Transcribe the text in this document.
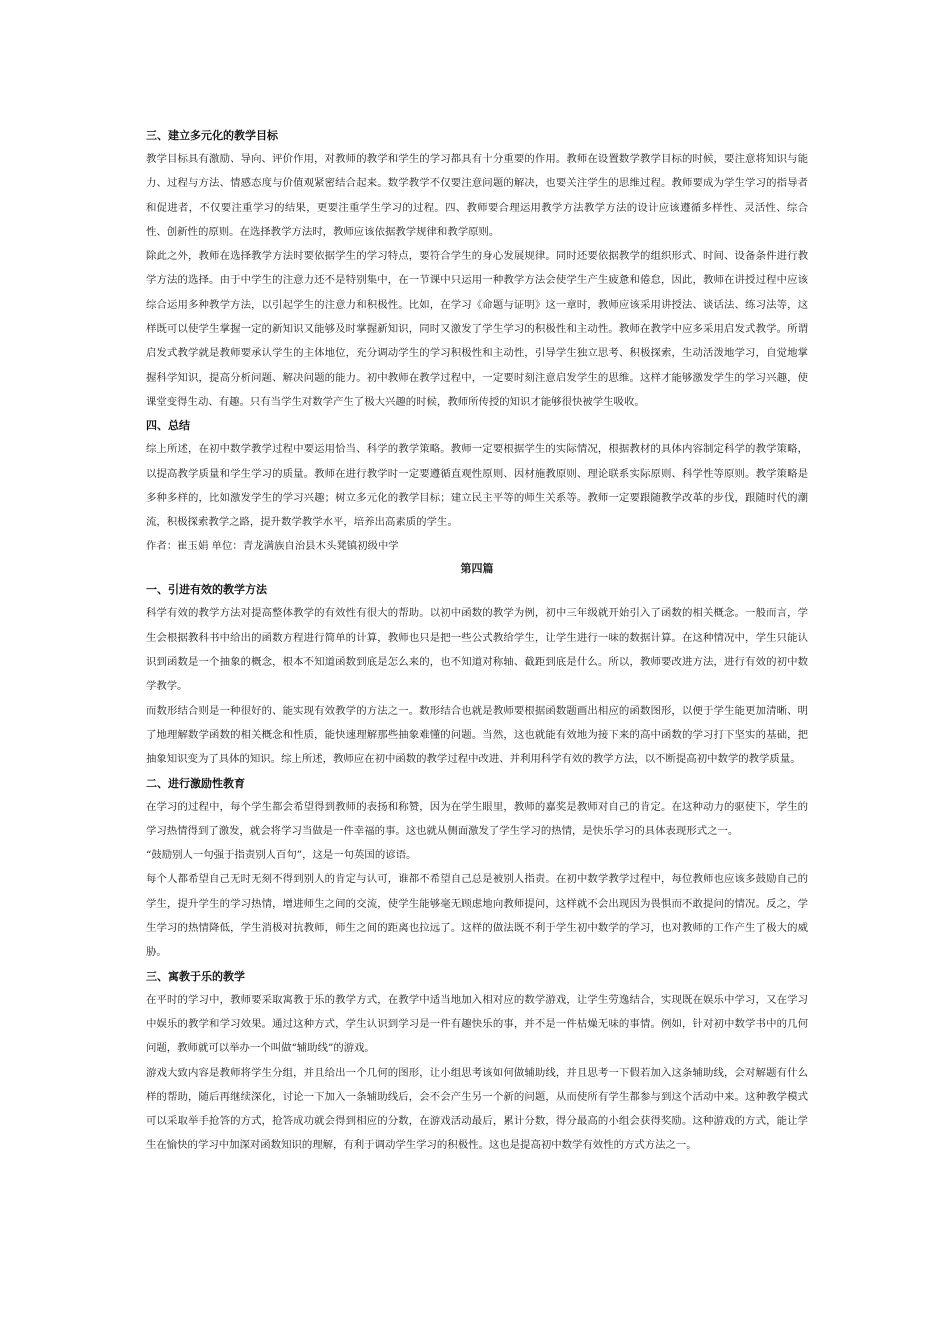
三、建立多元化的教学目标

教学目标具有激励、导向、评价作用，对教师的教学和学生的学习都具有十分重要的作用。教师在设置数学教学目标的时候，要注意将知识与能力、过程与方法、情感态度与价值观紧密结合起来。数学教学不仅要注意问题的解决，也要关注学生的思维过程。教师要成为学生学习的指导者和促进者，不仅要注重学习的结果，更要注重学生学习的过程。四、教师要合理运用教学方法教学方法的设计应该遵循多样性、灵活性、综合性、创新性的原则。在选择教学方法时，教师应该依据教学规律和教学原则。

除此之外，教师在选择教学方法时要依据学生的学习特点，要符合学生的身心发展规律。同时还要依据教学的组织形式、时间、设备条件进行教学方法的选择。由于中学生的注意力还不是特别集中，在一节课中只运用一种教学方法会使学生产生疲惫和倦怠，因此，教师在讲授过程中应该综合运用多种教学方法，以引起学生的注意力和积极性。比如，在学习《命题与证明》这一章时，教师应该采用讲授法、谈话法、练习法等，这样既可以使学生掌握一定的新知识又能够及时掌握新知识，同时又激发了学生学习的积极性和主动性。教师在教学中应多采用启发式教学。所谓启发式教学就是教师要承认学生的主体地位，充分调动学生的学习积极性和主动性，引导学生独立思考、积极探索，生动活泼地学习，自觉地掌握科学知识，提高分析问题、解决问题的能力。初中教师在教学过程中，一定要时刻注意启发学生的思维。这样才能够激发学生的学习兴趣，使课堂变得生动、有趣。只有当学生对数学产生了极大兴趣的时候，教师所传授的知识才能够很快被学生吸收。

四、总结

综上所述，在初中数学教学过程中要运用恰当、科学的教学策略。教师一定要根据学生的实际情况，根据教材的具体内容制定科学的教学策略，以提高教学质量和学生学习的质量。教师在进行教学时一定要遵循直观性原则、因材施教原则、理论联系实际原则、科学性等原则。教学策略是多种多样的，比如激发学生的学习兴趣；树立多元化的教学目标；建立民主平等的师生关系等。教师一定要跟随教学改革的步伐，跟随时代的潮流，积极探索教学之路，提升数学教学水平，培养出高素质的学生。

作者：崔玉娟 单位：青龙满族自治县木头凳镇初级中学

第四篇
一、引进有效的教学方法

科学有效的教学方法对提高整体教学的有效性有很大的帮助。以初中函数的教学为例，初中三年级就开始引入了函数的相关概念。一般而言，学生会根据教科书中给出的函数方程进行简单的计算，教师也只是把一些公式教给学生，让学生进行一味的数据计算。在这种情况中，学生只能认识到函数是一个抽象的概念，根本不知道函数到底是怎么来的，也不知道对称轴、截距到底是什么。所以，教师要改进方法，进行有效的初中数学教学。

而数形结合则是一种很好的、能实现有效教学的方法之一。数形结合也就是教师要根据函数题画出相应的函数图形，以便于学生能更加清晰、明了地理解数学函数的相关概念和性质，能快速理解那些抽象难懂的问题。当然，这也就能有效地为接下来的高中函数的学习打下坚实的基础，把抽象知识变为了具体的知识。综上所述，教师应在初中函数的教学过程中改进、并利用科学有效的教学方法，以不断提高初中数学的教学质量。

二、进行激励性教育

在学习的过程中，每个学生都会希望得到教师的表扬和称赞，因为在学生眼里，教师的嘉奖是教师对自己的肯定。在这种动力的驱使下，学生的学习热情得到了激发，就会将学习当做是一件幸福的事。这也就从侧面激发了学生学习的热情，是快乐学习的具体表现形式之一。

“鼓励别人一句强于指责别人百句”，这是一句英国的谚语。

每个人都希望自己无时无刻不得到别人的肯定与认可，谁都不希望自己总是被别人指责。在初中数学教学过程中，每位教师也应该多鼓励自己的学生，提升学生的学习热情，增进师生之间的交流，使学生能够毫无顾虑地向教师提问，这样就不会出现因为畏惧而不敢提问的情况。反之，学生学习的热情降低，学生消极对抗教师，师生之间的距离也拉远了。这样的做法既不利于学生初中数学的学习，也对教师的工作产生了极大的威胁。

三、寓教于乐的教学

在平时的学习中，教师要采取寓教于乐的教学方式，在教学中适当地加入相对应的数学游戏，让学生劳逸结合，实现既在娱乐中学习，又在学习中娱乐的教学和学习效果。通过这种方式，学生认识到学习是一件有趣快乐的事，并不是一件枯燥无味的事情。例如，针对初中数学书中的几何问题，教师就可以举办一个叫做“辅助线”的游戏。

游戏大致内容是教师将学生分组，并且给出一个几何的图形，让小组思考该如何做辅助线，并且思考一下假若加入这条辅助线，会对解题有什么样的帮助，随后再继续深化，讨论一下加入一条辅助线后，会不会产生另一个新的问题，从而使所有学生都参与到这个活动中来。这种教学模式可以采取举手抢答的方式，抢答成功就会得到相应的分数，在游戏活动最后，累计分数，得分最高的小组会获得奖励。这种游戏的方式，能让学生在愉快的学习中加深对函数知识的理解，有利于调动学生学习的积极性。这也是提高初中数学有效性的方式方法之一。
